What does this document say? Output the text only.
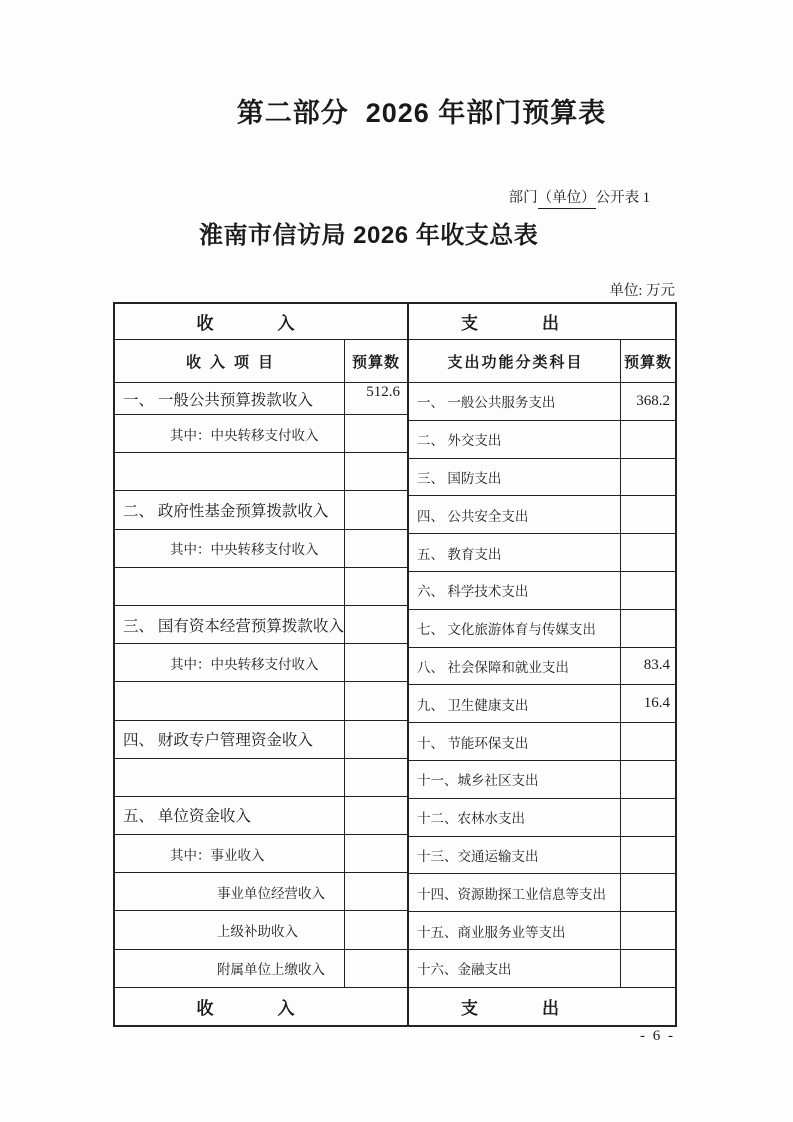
第二部分  2026 年部门预算表
部门（单位）公开表 1
淮南市信访局 2026 年收支总表
单位: 万元
收入
收入项目	预算数
一、 一般公共预算拨款收入	512.6
其中：中央转移支付收入
二、 政府性基金预算拨款收入
其中：中央转移支付收入
三、 国有资本经营预算拨款收入
其中：中央转移支付收入
四、 财政专户管理资金收入
五、 单位资金收入
其中：事业收入
事业单位经营收入
上级补助收入
附属单位上缴收入
收入
支出
支出功能分类科目	预算数
一、 一般公共服务支出	368.2
二、 外交支出
三、 国防支出
四、 公共安全支出
五、 教育支出
六、 科学技术支出
七、 文化旅游体育与传媒支出
八、 社会保障和就业支出	83.4
九、 卫生健康支出	16.4
十、 节能环保支出
十一、城乡社区支出
十二、农林水支出
十三、交通运输支出
十四、资源勘探工业信息等支出
十五、商业服务业等支出
十六、金融支出
支出
- 6 -
